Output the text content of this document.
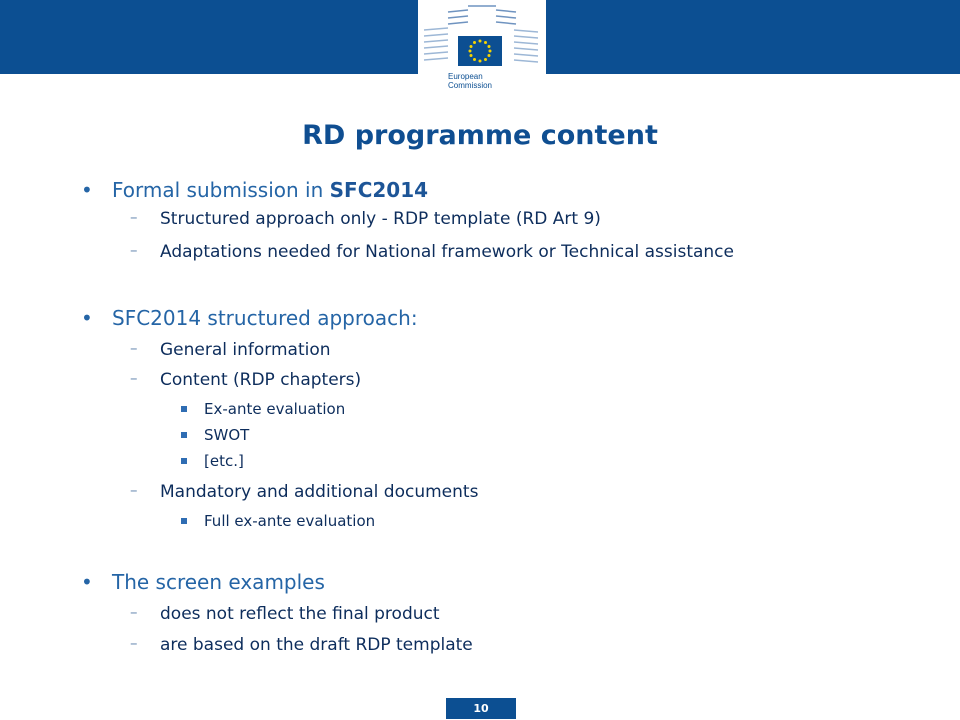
European
Commission
RD programme content
• Formal submission in SFC2014
– Structured approach only - RDP template (RD Art 9)
– Adaptations needed for National framework or Technical assistance
• SFC2014 structured approach:
– General information
– Content (RDP chapters)
Ex-ante evaluation
SWOT
[etc.]
– Mandatory and additional documents
Full ex-ante evaluation
• The screen examples
– does not reflect the final product
– are based on the draft RDP template
10
